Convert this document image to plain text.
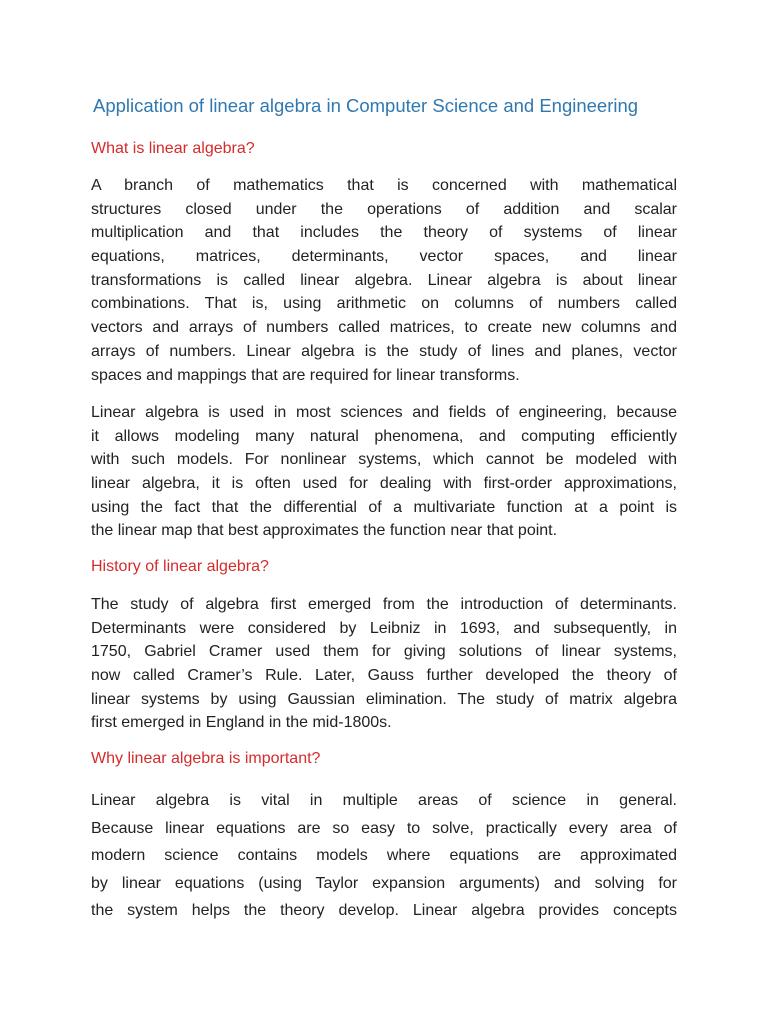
Application of linear algebra in Computer Science and Engineering
What is linear algebra?
A branch of mathematics that is concerned with mathematical
structures closed under the operations of addition and scalar
multiplication and that includes the theory of systems of linear
equations, matrices, determinants, vector spaces, and linear
transformations is called linear algebra. Linear algebra is about linear
combinations. That is, using arithmetic on columns of numbers called
vectors and arrays of numbers called matrices, to create new columns and
arrays of numbers. Linear algebra is the study of lines and planes, vector
spaces and mappings that are required for linear transforms.
Linear algebra is used in most sciences and fields of engineering, because
it allows modeling many natural phenomena, and computing efficiently
with such models. For nonlinear systems, which cannot be modeled with
linear algebra, it is often used for dealing with first-order approximations,
using the fact that the differential of a multivariate function at a point is
the linear map that best approximates the function near that point.
History of linear algebra?
The study of algebra first emerged from the introduction of determinants.
Determinants were considered by Leibniz in 1693, and subsequently, in
1750, Gabriel Cramer used them for giving solutions of linear systems,
now called Cramer’s Rule. Later, Gauss further developed the theory of
linear systems by using Gaussian elimination. The study of matrix algebra
first emerged in England in the mid-1800s.
Why linear algebra is important?
Linear algebra is vital in multiple areas of science in general.
Because linear equations are so easy to solve, practically every area of
modern science contains models where equations are approximated
by linear equations (using Taylor expansion arguments) and solving for
the system helps the theory develop. Linear algebra provides concepts
